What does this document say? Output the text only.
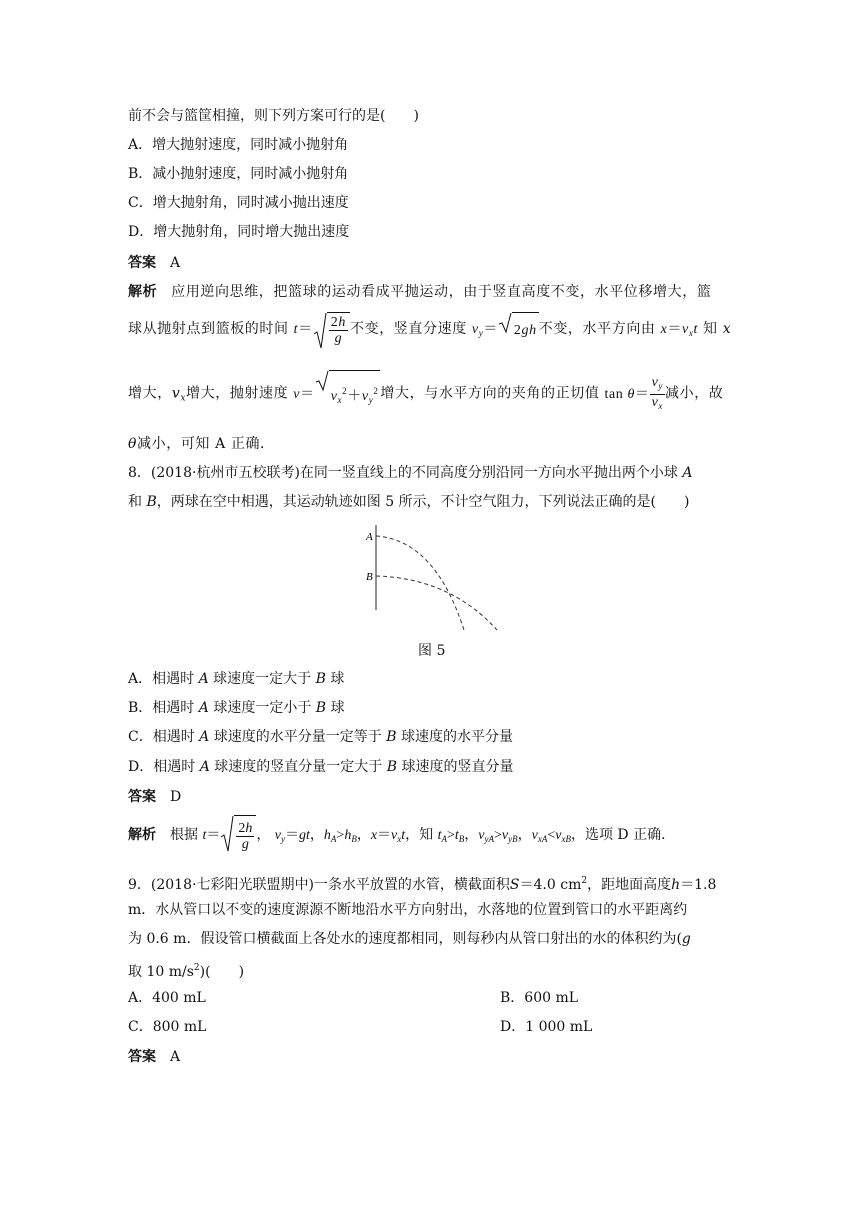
前不会与篮筐相撞，则下列方案可行的是(　　)
A．增大抛射速度，同时减小抛射角
B．减小抛射速度，同时减小抛射角
C．增大抛射角，同时减小抛出速度
D．增大抛射角，同时增大抛出速度
答案 A
解析 应用逆向思维，把篮球的运动看成平抛运动，由于竖直高度不变，水平位移增大，篮
球从抛射点到篮板的时间 $t= \frac{2h}{g}$ 不变，竖直分速度 $v_y= 2gh$ 不变，水平方向由 $x=v_xt$ 知 x
增大，$v_x$增大，抛射速度 $v= v_x^2+v_y^2$ 增大，与水平方向的夹角的正切值 $\tan \theta= \frac{v_y}{v_x}$ 减小，故
θ减小，可知 A 正确．
8．(2018·杭州市五校联考)在同一竖直线上的不同高度分别沿同一方向水平抛出两个小球 A
和 B，两球在空中相遇，其运动轨迹如图 5 所示，不计空气阻力，下列说法正确的是(　　)
A
B
图 5
A．相遇时 A 球速度一定大于 B 球
B．相遇时 A 球速度一定小于 B 球
C．相遇时 A 球速度的水平分量一定等于 B 球速度的水平分量
D．相遇时 A 球速度的竖直分量一定大于 B 球速度的竖直分量
答案 D
解析 根据 $t= \frac{2h}{g}$ ， $v_y=gt$，$h_A>h_B$，$x=v_xt$，知 $t_A>t_B$，$v_{yA}>v_{yB}$，$v_{xA}<v_{xB}$，选项 D 正确．
9．(2018·七彩阳光联盟期中)一条水平放置的水管，横截面积S＝4.0 $cm^2$，距地面高度h＝1.8
m．水从管口以不变的速度源源不断地沿水平方向射出，水落地的位置到管口的水平距离约
为 0.6 m．假设管口横截面上各处水的速度都相同，则每秒内从管口射出的水的体积约为(g
取 10 $m/s^2$)(　　)
A．400 mL	B．600 mL
C．800 mL	D．1 000 mL
答案 A
